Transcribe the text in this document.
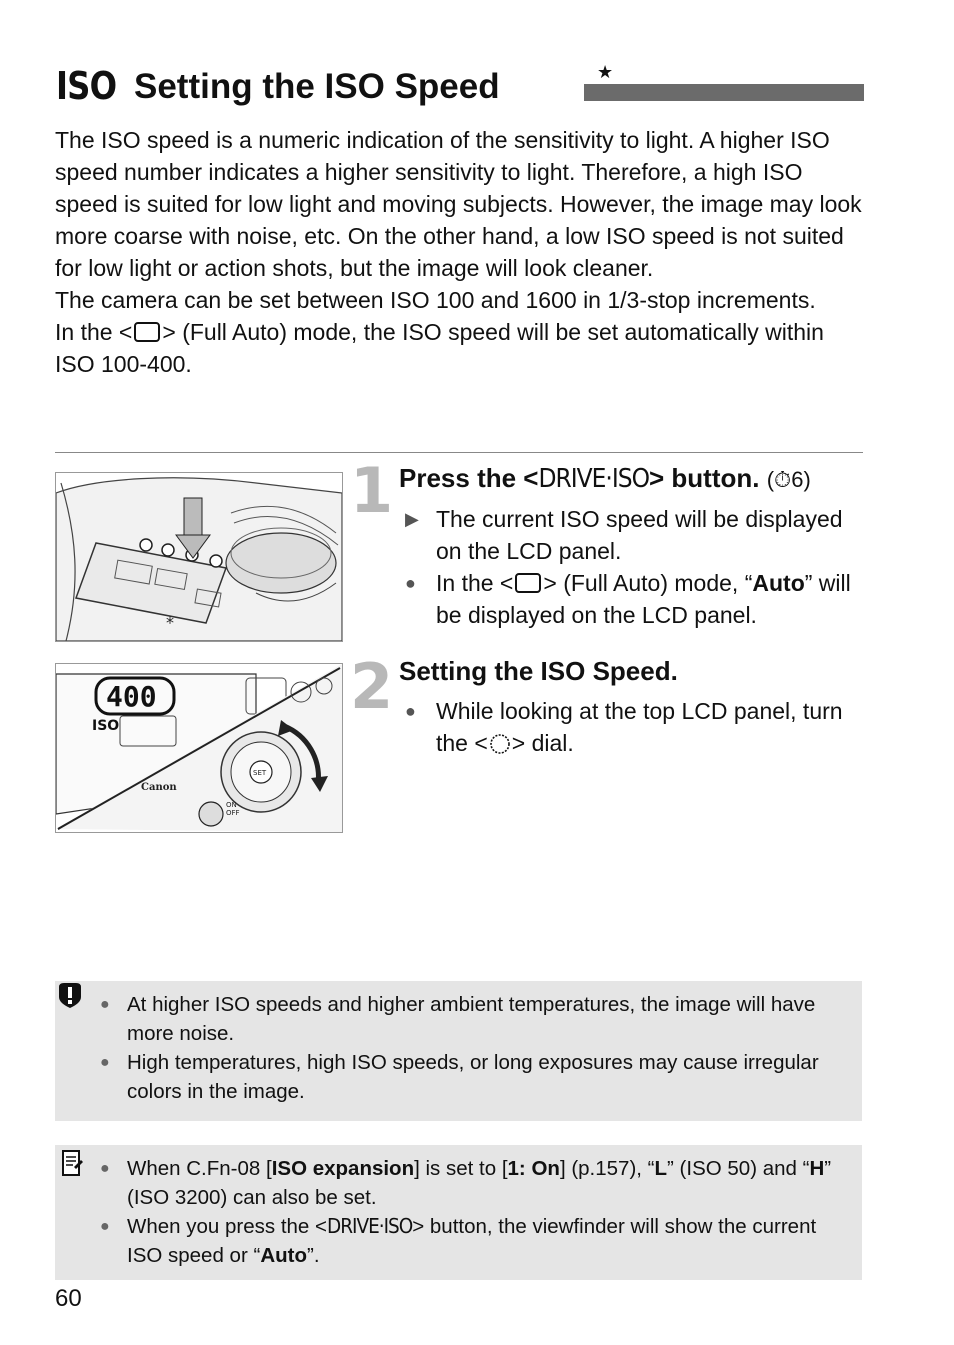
ISO Setting the ISO Speed	★

The ISO speed is a numeric indication of the sensitivity to light. A higher ISO speed number indicates a higher sensitivity to light. Therefore, a high ISO speed is suited for low light and moving subjects. However, the image may look more coarse with noise, etc. On the other hand, a low ISO speed is not suited for low light or action shots, but the image will look cleaner.

The camera can be set between ISO 100 and 1600 in 1/3-stop increments.

In the < > (Full Auto) mode, the ISO speed will be set automatically within ISO 100-400.

*
1 Press the <DRIVE·ISO> button. (⏱6)
▶ The current ISO speed will be displayed on the LCD panel.
● In the < > (Full Auto) mode, “Auto” will be displayed on the LCD panel.
400
ISO
SET
Canon
ON
OFF
2 Setting the ISO Speed.
● While looking at the top LCD panel, turn the < > dial.
● At higher ISO speeds and higher ambient temperatures, the image will have more noise.
● High temperatures, high ISO speeds, or long exposures may cause irregular colors in the image.
● When C.Fn-08 [ISO expansion] is set to [1: On] (p.157), “L” (ISO 50) and “H” (ISO 3200) can also be set.
● When you press the <DRIVE·ISO> button, the viewfinder will show the current ISO speed or “Auto”.
60
